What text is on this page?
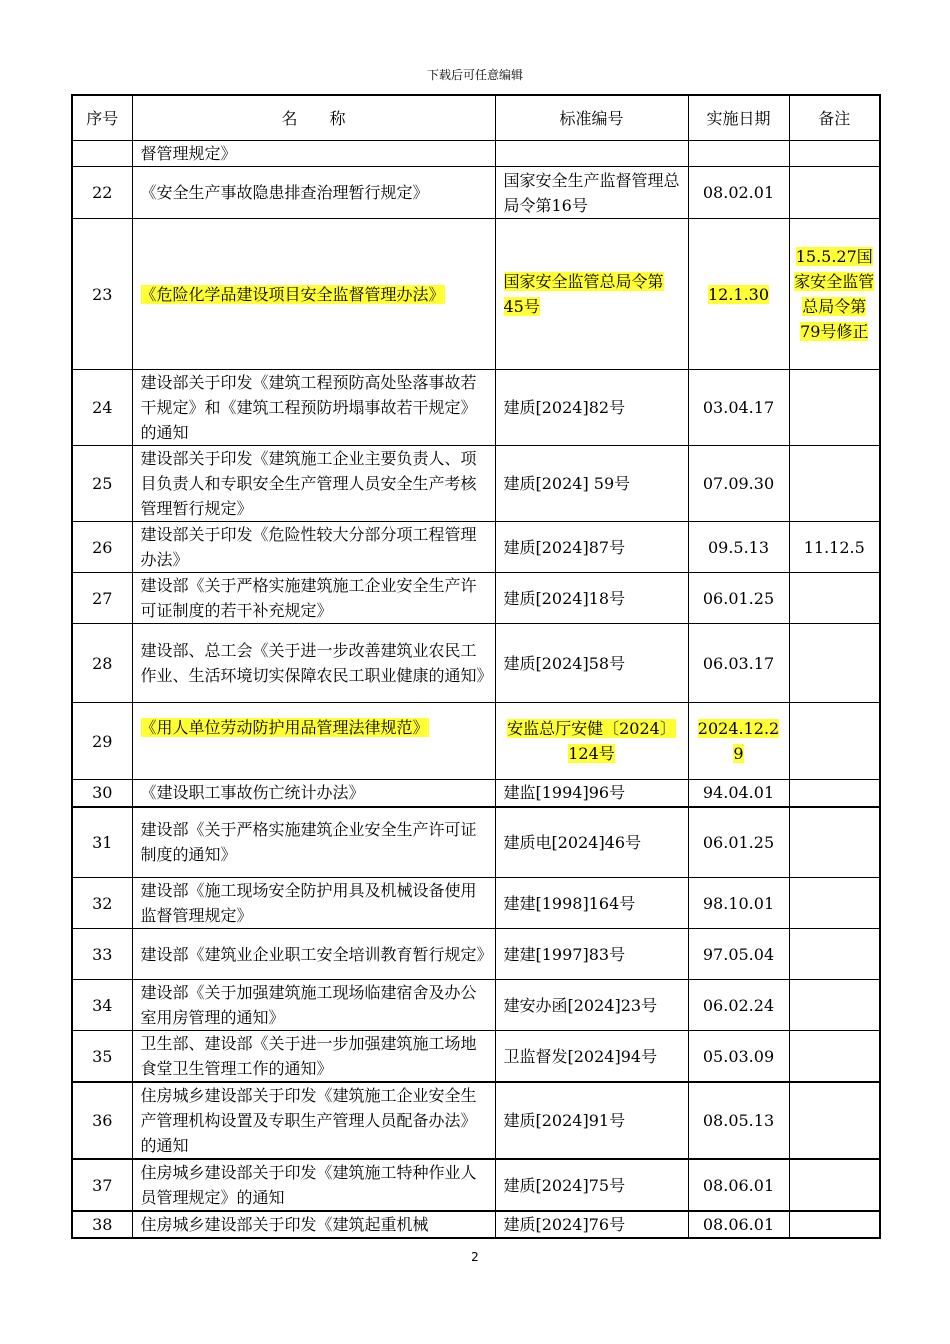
下载后可任意编辑
序号	名　　称	标准编号	实施日期	备注
	督管理规定》			
22	《安全生产事故隐患排查治理暂行规定》	国家安全生产监督管理总局令第16号	08.02.01	
23	《危险化学品建设项目安全监督管理办法》	国家安全监管总局令第45号	12.1.30	15.5.27国家安全监管总局令第79号修正
24	建设部关于印发《建筑工程预防高处坠落事故若干规定》和《建筑工程预防坍塌事故若干规定》的通知	建质[2024]82号	03.04.17	
25	建设部关于印发《建筑施工企业主要负责人、项目负责人和专职安全生产管理人员安全生产考核管理暂行规定》	建质[2024] 59号	07.09.30	
26	建设部关于印发《危险性较大分部分项工程管理办法》	建质[2024]87号	09.5.13	11.12.5
27	建设部《关于严格实施建筑施工企业安全生产许可证制度的若干补充规定》	建质[2024]18号	06.01.25	
28	建设部、总工会《关于进一步改善建筑业农民工作业、生活环境切实保障农民工职业健康的通知》	建质[2024]58号	06.03.17	
29	《用人单位劳动防护用品管理法律规范》	安监总厅安健〔2024〕124号	2024.12.29	
30	《建设职工事故伤亡统计办法》	建监[1994]96号	94.04.01	
31	建设部《关于严格实施建筑企业安全生产许可证制度的通知》	建质电[2024]46号	06.01.25	
32	建设部《施工现场安全防护用具及机械设备使用监督管理规定》	建建[1998]164号	98.10.01	
33	建设部《建筑业企业职工安全培训教育暂行规定》	建建[1997]83号	97.05.04	
34	建设部《关于加强建筑施工现场临建宿舍及办公室用房管理的通知》	建安办函[2024]23号	06.02.24	
35	卫生部、建设部《关于进一步加强建筑施工场地食堂卫生管理工作的通知》	卫监督发[2024]94号	05.03.09	
36	住房城乡建设部关于印发《建筑施工企业安全生产管理机构设置及专职生产管理人员配备办法》的通知	建质[2024]91号	08.05.13	
37	住房城乡建设部关于印发《建筑施工特种作业人员管理规定》的通知	建质[2024]75号	08.06.01	
38	住房城乡建设部关于印发《建筑起重机械	建质[2024]76号	08.06.01	
2
